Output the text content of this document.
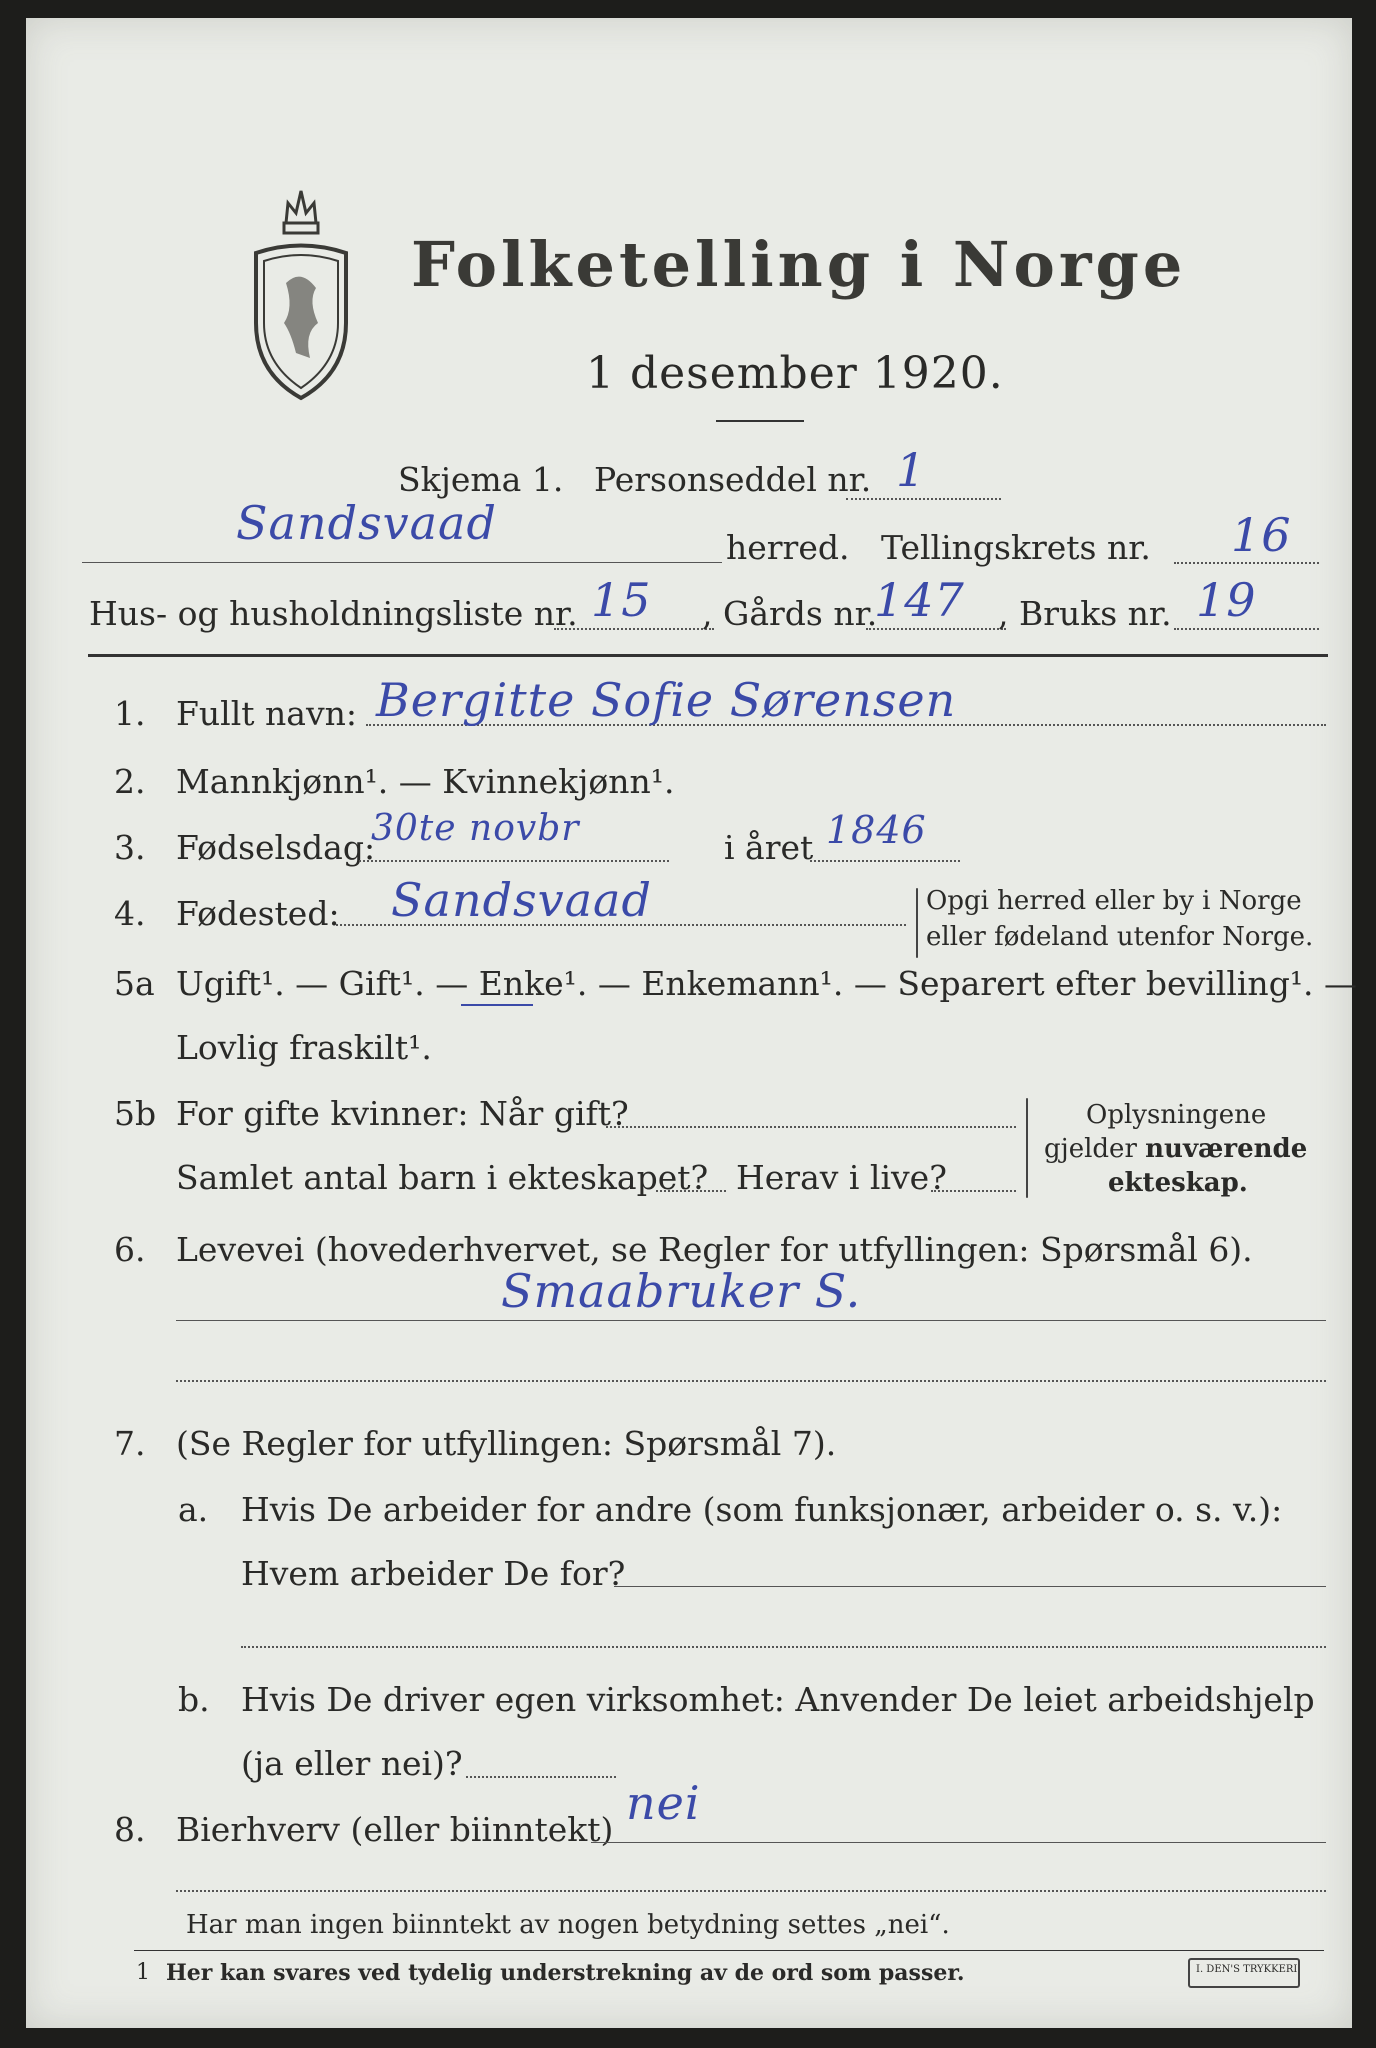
Folketelling i Norge
1 desember 1920.
Skjema 1. Personseddel nr. 1
Sandsvaad	herred. Tellingskrets nr. 16
Hus- og husholdningsliste nr. 15 , Gårds nr.
147 , Bruks nr. 19
1. Fullt navn: Bergitte Sofie Sørensen
2. Mannkjønn¹. — Kvinnekjønn¹.
3. Fødselsdag:
30te novbr	i året 1846
4. Fødested: Sandsvaad	Opgi herred eller by i Norge
eller fødeland utenfor Norge.
5a Ugift¹. — Gift¹. — Enke¹. — Enkemann¹. — Separert efter bevilling¹. —
Lovlig fraskilt¹.
5b For gifte kvinner: Når gift?
Samlet antal barn i ekteskapet? Herav i live?
Oplysningene
gjelder nuværende
ekteskap.
6. Levevei (hovederhvervet, se Regler for utfyllingen: Spørsmål 6).
Smaabruker S.
7. (Se Regler for utfyllingen: Spørsmål 7).
a. Hvis De arbeider for andre (som funksjonær, arbeider o. s. v.):
Hvem arbeider De for?
b. Hvis De driver egen virksomhet: Anvender De leiet arbeidshjelp
(ja eller nei)?
8. Bierhverv (eller biinntekt) nei
Har man ingen biinntekt av nogen betydning settes „nei“.
1 Her kan svares ved tydelig understrekning av de ord som passer.	I. DEN'S TRYKKERI
